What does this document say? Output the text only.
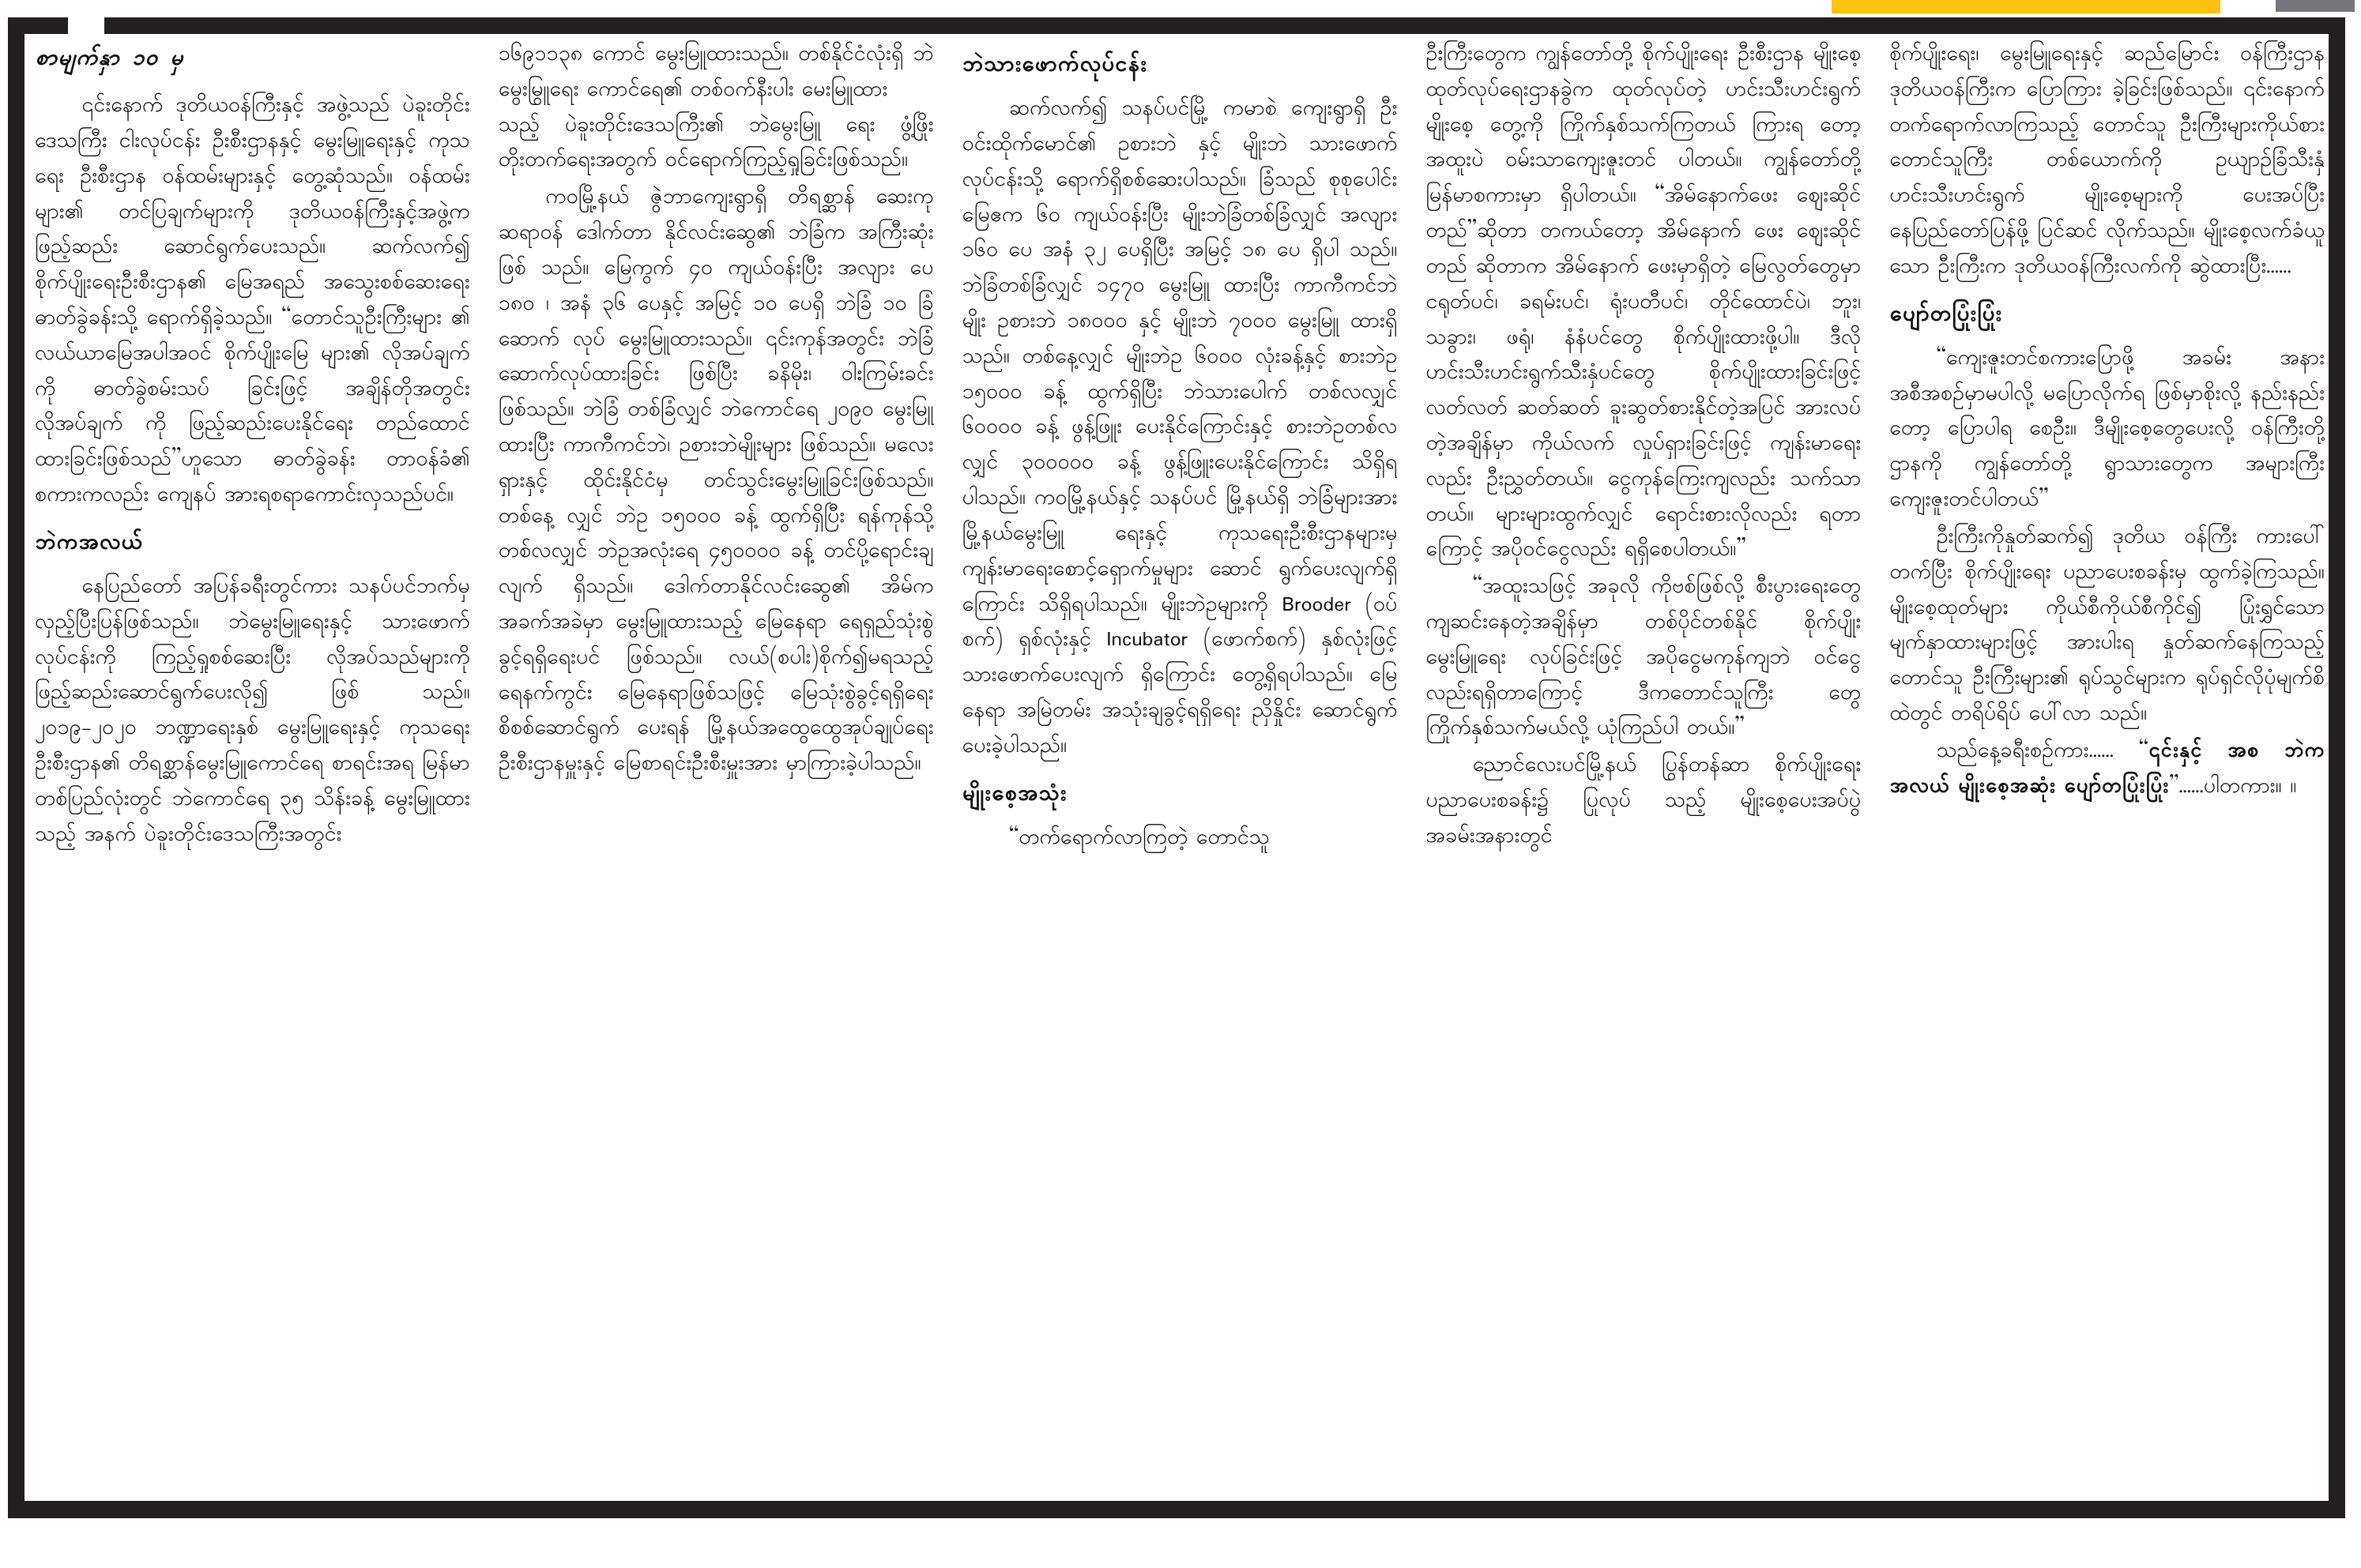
စာမျက်နှာ ၁၀ မှ

၎င်းနောက် ဒုတိယဝန်ကြီးနှင့် အဖွဲ့သည် ပဲခူးတိုင်းဒေသကြီး ငါးလုပ်ငန်း ဦးစီးဌာနနှင့် မွေးမြူရေးနှင့် ကုသရေး ဦးစီးဌာန ဝန်ထမ်းများနှင့် တွေ့ဆုံသည်။ ဝန်ထမ်းများ၏ တင်ပြချက်များကို ဒုတိယဝန်ကြီးနှင့်အဖွဲ့က ဖြည့်ဆည်း ဆောင်ရွက်ပေးသည်။ ဆက်လက်၍ စိုက်ပျိုးရေးဦးစီးဌာန၏ မြေအရည် အသွေးစစ်ဆေးရေး ဓာတ်ခွဲခန်းသို့ ရောက်ရှိခဲ့သည်။ “တောင်သူဦးကြီးများ ၏ လယ်ယာမြေအပါအဝင် စိုက်ပျိုးမြေ များ၏ လိုအပ်ချက်ကို ဓာတ်ခွဲစမ်းသပ် ခြင်းဖြင့် အချိန်တိုအတွင်း လိုအပ်ချက် ကို ဖြည့်ဆည်းပေးနိုင်ရေး တည်ထောင် ထားခြင်းဖြစ်သည်”ဟူသော ဓာတ်ခွဲခန်း တာဝန်ခံ၏ စကားကလည်း ကျေနပ် အားရစရာကောင်းလှသည်ပင်။

ဘဲကအလယ်

နေပြည်တော် အပြန်ခရီးတွင်ကား သနပ်ပင်ဘက်မှ လှည့်ပြီးပြန်ဖြစ်သည်။ ဘဲမွေးမြူရေးနှင့် သားဖောက်လုပ်ငန်းကို ကြည့်ရှုစစ်ဆေးပြီး လိုအပ်သည်များကို ဖြည့်ဆည်းဆောင်ရွက်ပေးလို၍ ဖြစ် သည်။ ၂၀၁၉-၂၀၂၀ ဘဏ္ဍာရေးနှစ် မွေးမြူရေးနှင့် ကုသရေးဦးစီးဌာန၏ တိရစ္ဆာန်မွေးမြူကောင်ရေ စာရင်းအရ မြန်မာတစ်ပြည်လုံးတွင် ဘဲကောင်ရေ ၃၅ သိန်းခန့် မွေးမြူထားသည့် အနက် ပဲခူးတိုင်းဒေသကြီးအတွင်း

၁၆၉၁၁၃၈ ကောင် မွေးမြူထားသည်။ တစ်နိုင်ငံလုံးရှိ ဘဲမွေးမြူရေး ကောင်ရေ၏ တစ်ဝက်နီးပါး မွေးမြူထား သည့် ပဲခူးတိုင်းဒေသကြီး၏ ဘဲမွေးမြူ ရေး ဖွံ့ဖြိုးတိုးတက်ရေးအတွက် ဝင်ရောက်ကြည့်ရှုခြင်းဖြစ်သည်။

ကဝမြို့နယ် ဇွဲဘာကျေးရွာရှိ တိရစ္ဆာန် ဆေးကုဆရာဝန် ဒေါက်တာ နိုင်လင်းဆွေ၏ ဘဲခြံက အကြီးဆုံးဖြစ် သည်။ မြေကွက် ၄၀ ကျယ်ဝန်းပြီး အလျား ပေ ၁၈၀ ၊ အနံ ၃၆ ပေနှင့် အမြင့် ၁၀ ပေရှိ ဘဲခြံ ၁၀ ခြံ ဆောက် လုပ် မွေးမြူထားသည်။ ၎င်းကုန်အတွင်း ဘဲခြံဆောက်လုပ်ထားခြင်း ဖြစ်ပြီး ခနိမိုး၊ ဝါးကြမ်းခင်းဖြစ်သည်။ ဘဲခြံ တစ်ခြံလျှင် ဘဲကောင်ရေ ၂၀၉၀ မွေးမြူ ထားပြီး ကာကီကင်ဘဲ၊ ဉစားဘဲမျိုးများ ဖြစ်သည်။ မလေးရှားနှင့် ထိုင်းနိုင်ငံမှ တင်သွင်းမွေးမြူခြင်းဖြစ်သည်။ တစ်နေ့ လျှင် ဘဲဥ ၁၅၀၀၀ ခန့် ထွက်ရှိပြီး ရန်ကုန်သို့ တစ်လလျှင် ဘဲဥအလုံးရေ ၄၅၀၀၀၀ ခန့် တင်ပို့ရောင်းချလျက် ရှိသည်။ ဒေါက်တာနိုင်လင်းဆွေ၏ အိမ်ကအခက်အခဲမှာ မွေးမြူထားသည့် မြေနေရာ ရေရှည်သုံးစွဲခွင့်ရရှိရေးပင် ဖြစ်သည်။ လယ်(စပါး)စိုက်၍မရသည့် ရေနက်ကွင်း မြေနေရာဖြစ်သဖြင့် မြေသုံးစွဲခွင့်ရရှိရေး စိစစ်ဆောင်ရွက် ပေးရန် မြို့နယ်အထွေထွေအုပ်ချုပ်ရေး ဦးစီးဌာနမှူးနှင့် မြေစာရင်းဦးစီးမှူးအား မှာကြားခဲ့ပါသည်။

ဘဲသားဖောက်လုပ်ငန်း

ဆက်လက်၍ သနပ်ပင်မြို့ ကမာစဲ ကျေးရွာရှိ ဦးဝင်းထိုက်မောင်၏ ဥစားဘဲ နှင့် မျိုးဘဲ သားဖောက်လုပ်ငန်းသို့ ရောက်ရှိစစ်ဆေးပါသည်။ ခြံသည် စုစုပေါင်း မြေဧက ၆၀ ကျယ်ဝန်းပြီး မျိုးဘဲခြံတစ်ခြံလျှင် အလျား ၁၆၀ ပေ အနံ ၃၂ ပေရှိပြီး အမြင့် ၁၈ ပေ ရှိပါ သည်။ဘဲခြံတစ်ခြံလျှင် ၁၄၇၀ မွေးမြူ ထားပြီး ကာကီကင်ဘဲမျိုး ဥစားဘဲ ၁၈၀၀၀ နှင့် မျိုးဘဲ ၇၀၀၀ မွေးမြူ ထားရှိသည်။ တစ်နေ့လျှင် မျိုးဘဲဥ ၆၀၀၀ လုံးခန့်နှင့် စားဘဲဥ ၁၅၀၀၀ ခန့် ထွက်ရှိပြီး ဘဲသားပေါက် တစ်လလျှင် ၆၀၀၀၀ ခန့် ဖွန့်ဖြူး ပေးနိုင်ကြောင်းနှင့် စားဘဲဥတစ်လလျှင် ၃၀၀၀၀၀ ခန့် ဖွန့်ဖြူးပေးနိုင်ကြောင်း သိရှိရပါသည်။ ကဝမြို့နယ်နှင့် သနပ်ပင် မြို့နယ်ရှိ ဘဲခြံများအား မြို့နယ်မွေးမြူ ရေးနှင့် ကုသရေးဦးစီးဌာနများမှ ကျန်းမာရေးစောင့်ရှောက်မှုများ ဆောင် ရွက်ပေးလျက်ရှိကြောင်း သိရှိရပါသည်။ မျိုးဘဲဥများကို Brooder (ဝပ်စက်) ရှစ်လုံးနှင့် Incubator (ဖောက်စက်) နှစ်လုံးဖြင့် သားဖောက်ပေးလျက် ရှိကြောင်း တွေ့ရှိရပါသည်။ မြေနေရာ အမြဲတမ်း အသုံးချခွင့်ရရှိရေး ညှိနှိုင်း ဆောင်ရွက်ပေးခဲ့ပါသည်။

မျိုးစေ့အသုံး

“တက်ရောက်လာကြတဲ့ တောင်သူ

ဦးကြီးတွေက ကျွန်တော်တို့ စိုက်ပျိုးရေး ဦးစီးဌာန မျိုးစေ့ထုတ်လုပ်ရေးဌာနခွဲက ထုတ်လုပ်တဲ့ ဟင်းသီးဟင်းရွက်မျိုးစေ့ တွေ့ကို ကြိုက်နှစ်သက်ကြတယ် ကြားရ တော့ အထူးပဲ ဝမ်းသာကျေးဇူးတင် ပါတယ်။ ကျွန်တော်တို့ မြန်မာစကားမှာ ရှိပါတယ်။ “အိမ်နောက်ဖေး ဈေးဆိုင် တည်”ဆိုတာ တကယ်တော့ အိမ်နောက် ဖေး ဈေးဆိုင်တည် ဆိုတာက အိမ်နောက် ဖေးမှာရှိတဲ့ မြေလွတ်တွေမှာ ငရုတ်ပင်၊ ခရမ်းပင်၊ ရုံးပတီပင်၊ တိုင်ထောင်ပဲ၊ ဘူး၊ သခွား၊ ဖရုံ၊ နံနံပင်တွေ စိုက်ပျိုးထားဖို့ပါ။ ဒီလို ဟင်းသီးဟင်းရွက်သီးနှံပင်တွေ စိုက်ပျိုးထားခြင်းဖြင့် လတ်လတ် ဆတ်ဆတ် ခူးဆွတ်စားနိုင်တဲ့အပြင် အားလပ်တဲ့အချိန်မှာ ကိုယ်လက် လှုပ်ရှားခြင်းဖြင့် ကျန်းမာရေးလည်း ဦးညွှတ်တယ်။ ငွေကုန်ကြေးကျလည်း သက်သာတယ်။ များများထွက်လျှင် ရောင်းစားလိုလည်း ရတာကြောင့် အပိုဝင်ငွေလည်း ရရှိစေပါတယ်။”

“အထူးသဖြင့် အခုလို ကိုဗစ်ဖြစ်လို့ စီးပွားရေးတွေ ကျဆင်းနေတဲ့အချိန်မှာ တစ်ပိုင်တစ်နိုင် စိုက်ပျိုးမွေးမြူရေး လုပ်ခြင်းဖြင့် အပိုငွေမကုန်ကျဘဲ ဝင်ငွေ လည်းရရှိတာကြောင့် ဒီကတောင်သူကြီး တွေ ကြိုက်နှစ်သက်မယ်လို့ ယုံကြည်ပါ တယ်။”

ညောင်လေးပင်မြို့နယ် ပြွန်တန်ဆာ စိုက်ပျိုးရေးပညာပေးစခန်း၌ ပြုလုပ် သည့် မျိုးစေ့ပေးအပ်ပွဲ အခမ်းအနားတွင်

စိုက်ပျိုးရေး၊ မွေးမြူရေးနှင့် ဆည်မြောင်း ဝန်ကြီးဌာန ဒုတိယဝန်ကြီးက ပြောကြား ခဲ့ခြင်းဖြစ်သည်။ ၎င်းနောက် တက်ရောက်လာကြသည့် တောင်သူ ဦးကြီးများကိုယ်စား တောင်သူကြီး တစ်ယောက်ကို ဥယျာဉ်ခြံသီးနှံ ဟင်းသီးဟင်းရွက် မျိုးစေ့များကို ပေးအပ်ပြီး နေပြည်တော်ပြန်ဖို့ ပြင်ဆင် လိုက်သည်။ မျိုးစေ့လက်ခံယူသော ဦးကြီးက ဒုတိယဝန်ကြီးလက်ကို ဆွဲထားပြီး......

ပျော်တပြုံးပြုံး

“ကျေးဇူးတင်စကားပြောဖို့ အခမ်း အနား အစီအစဉ်မှာမပါလို့ မပြောလိုက်ရ ဖြစ်မှာစိုးလို့ နည်းနည်းတော့ ပြောပါရ စေဦး။ ဒီမျိုးစေ့တွေပေးလို့ ဝန်ကြီးတို့ ဌာနကို ကျွန်တော်တို့ ရွာသားတွေက အများကြီးကျေးဇူးတင်ပါတယ်”

ဦးကြီးကိုနှုတ်ဆက်၍ ဒုတိယ ဝန်ကြီး ကားပေါ်တက်ပြီး စိုက်ပျိုးရေး ပညာပေးစခန်းမှ ထွက်ခဲ့ကြသည်။ မျိုးစေ့ထုတ်များ ကိုယ်စီကိုယ်စီကိုင်၍ ပြုံးရွှင်သော မျက်နှာထားများဖြင့် အားပါးရ နှုတ်ဆက်နေကြသည့် တောင်သူ ဦးကြီးများ၏ ရုပ်သွင်များက ရုပ်ရှင်လိုပုံမျက်စိထဲတွင် တရိပ်ရိပ် ပေါ်လာ သည်။

သည်နေ့ခရီးစဉ်ကား...... “၎င်းနှင့် အစ ဘဲကအလယ် မျိုးစေ့အဆုံး ပျော်တပြုံးပြုံး”......ပါတကား။ ။
